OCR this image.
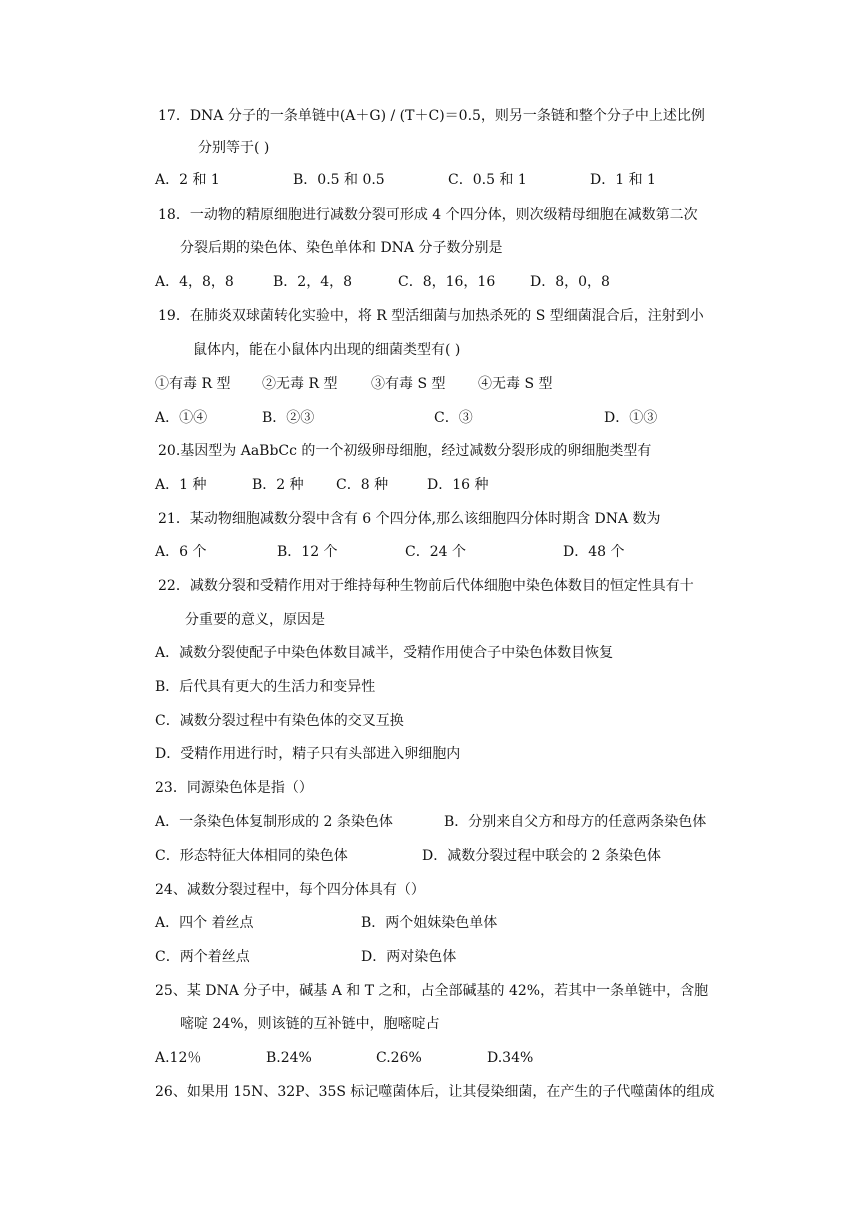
17．DNA 分子的一条单链中(A＋G) / (T＋C)＝0.5，则另一条链和整个分子中上述比例
分别等于( )
A．2 和 1	B．0.5 和 0.5	C．0.5 和 1	D．1 和 1
18．一动物的精原细胞进行减数分裂可形成 4 个四分体，则次级精母细胞在减数第二次
分裂后期的染色体、染色单体和 DNA 分子数分别是
A．4，8，8	B．2，4，8	C．8，16，16 D．8，0，8
19．在肺炎双球菌转化实验中，将 R 型活细菌与加热杀死的 S 型细菌混合后，注射到小
鼠体内，能在小鼠体内出现的细菌类型有( )
①有毒 R 型 ②无毒 R 型 ③有毒 S 型 ④无毒 S 型
A．①④	B．②③	C．③	D．①③
20.基因型为 AaBbCc 的一个初级卵母细胞，经过减数分裂形成的卵细胞类型有
A．1 种	B．2 种 C．8 种	D．16 种
21．某动物细胞减数分裂中含有 6 个四分体,那么该细胞四分体时期含 DNA 数为
A．6 个	B．12 个	C．24 个	D．48 个
22．减数分裂和受精作用对于维持每种生物前后代体细胞中染色体数目的恒定性具有十
分重要的意义，原因是
A．减数分裂使配子中染色体数目减半，受精作用使合子中染色体数目恢复
B．后代具有更大的生活力和变异性
C．减数分裂过程中有染色体的交叉互换
D．受精作用进行时，精子只有头部进入卵细胞内
23．同源染色体是指（）
A．一条染色体复制形成的 2 条染色体	B．分别来自父方和母方的任意两条染色体
C．形态特征大体相同的染色体	D．减数分裂过程中联会的 2 条染色体
24、减数分裂过程中，每个四分体具有（）
A．四个 着丝点	B．两个姐妹染色单体
C．两个着丝点	D．两对染色体
25、某 DNA 分子中，碱基 A 和 T 之和，占全部碱基的 42%，若其中一条单链中，含胞
嘧啶 24%，则该链的互补链中，胞嘧啶占
A.12％	B.24%	C.26%	D.34%
26、如果用 15N、32P、35S 标记噬菌体后，让其侵染细菌，在产生的子代噬菌体的组成
